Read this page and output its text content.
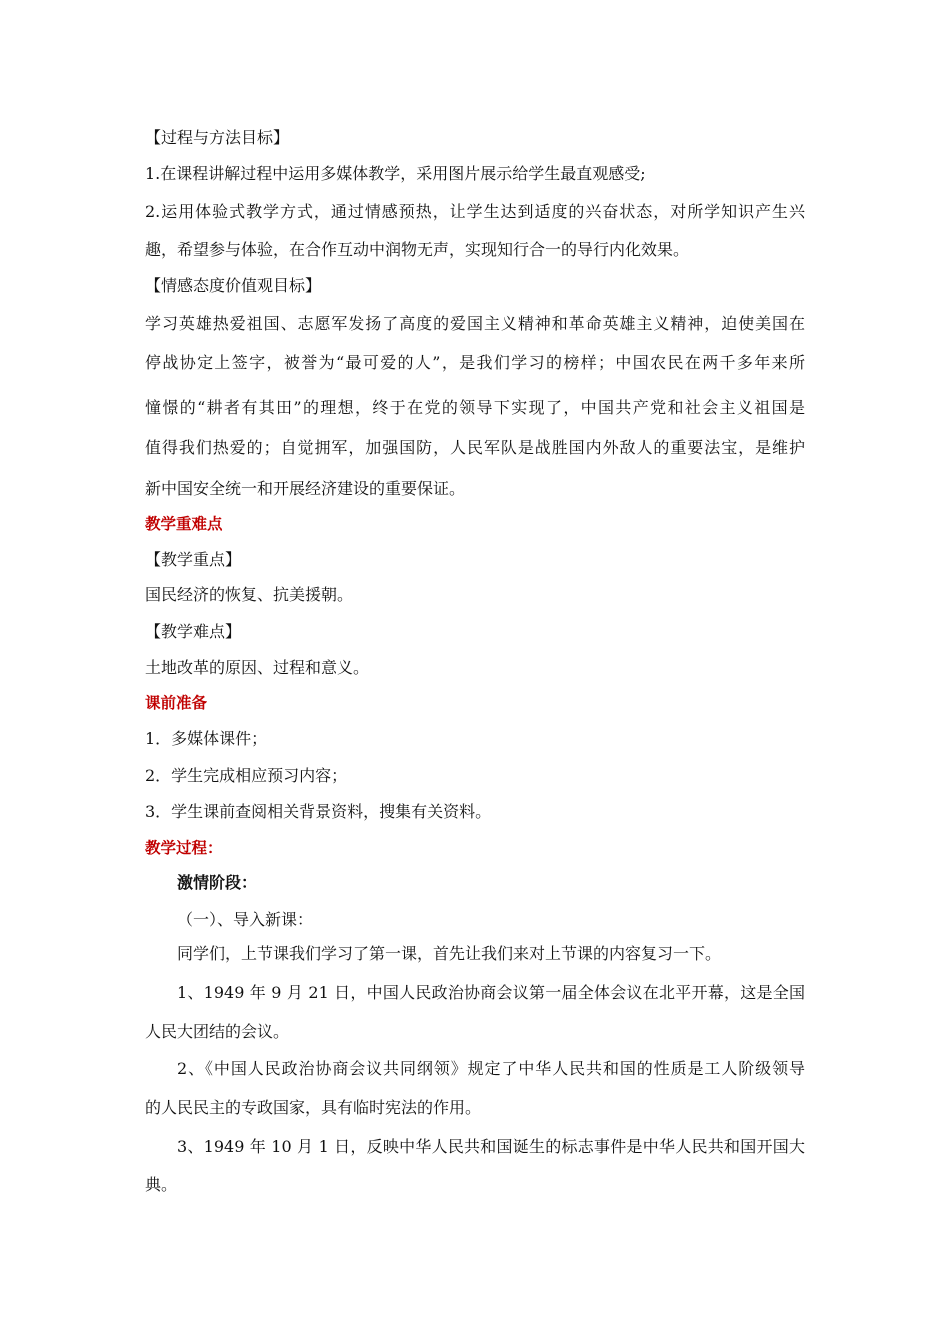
【过程与方法目标】
1.在课程讲解过程中运用多媒体教学，采用图片展示给学生最直观感受;
2.运用体验式教学方式，通过情感预热，让学生达到适度的兴奋状态，对所学知识产生兴
趣，希望参与体验，在合作互动中润物无声，实现知行合一的导行内化效果。
【情感态度价值观目标】
学习英雄热爱祖国、志愿军发扬了高度的爱国主义精神和革命英雄主义精神，迫使美国在
停战协定上签字，被誉为“最可爱的人”，是我们学习的榜样；中国农民在两千多年来所
憧憬的“耕者有其田”的理想，终于在党的领导下实现了，中国共产党和社会主义祖国是
值得我们热爱的；自觉拥军，加强国防，人民军队是战胜国内外敌人的重要法宝，是维护
新中国安全统一和开展经济建设的重要保证。
教学重难点
【教学重点】
国民经济的恢复、抗美援朝。
【教学难点】
土地改革的原因、过程和意义。
课前准备
1．多媒体课件；
2．学生完成相应预习内容；
3．学生课前查阅相关背景资料，搜集有关资料。
教学过程：
激情阶段：
（一）、导入新课：
同学们，上节课我们学习了第一课，首先让我们来对上节课的内容复习一下。
1、1949 年 9 月 21 日，中国人民政治协商会议第一届全体会议在北平开幕，这是全国
人民大团结的会议。
2、《中国人民政治协商会议共同纲领》规定了中华人民共和国的性质是工人阶级领导
的人民民主的专政国家，具有临时宪法的作用。
3、1949 年 10 月 1 日，反映中华人民共和国诞生的标志事件是中华人民共和国开国大
典。
